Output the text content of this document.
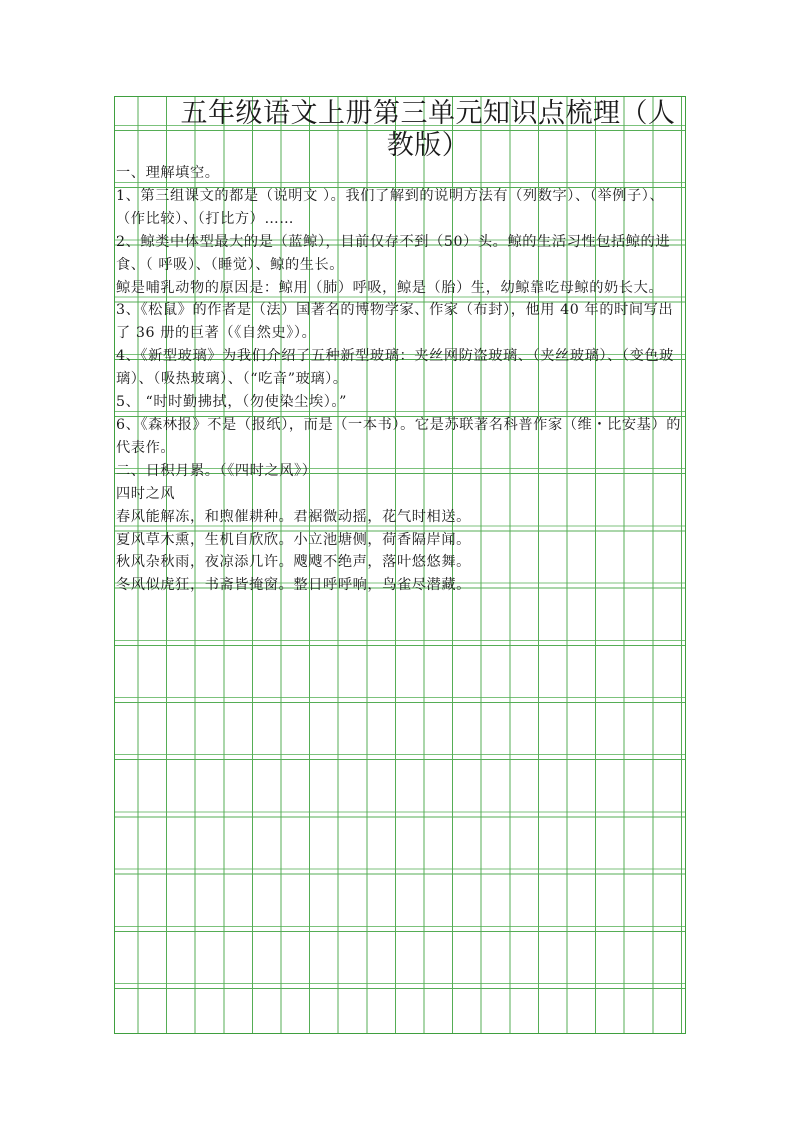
五年级语文上册第三单元知识点梳理（人教版）

一、理解填空。

1、第三组课文的都是（说明文 ）。我们了解到的说明方法有（列数字）、（举例子）、（作比较）、（打比方）……

2、鲸类中体型最大的是（蓝鲸），目前仅存不到（50）头。鲸的生活习性包括鲸的进食、（ 呼吸）、（睡觉）、鲸的生长。

鲸是哺乳动物的原因是：鲸用（肺）呼吸，鲸是（胎）生，幼鲸靠吃母鲸的奶长大。

3、《松鼠》的作者是（法）国著名的博物学家、作家（布封），他用 40 年的时间写出了 36 册的巨著（《自然史》）。

4、《新型玻璃》为我们介绍了五种新型玻璃：夹丝网防盗玻璃、（夹丝玻璃）、（变色玻璃）、（吸热玻璃）、（“吃音”玻璃）。

5、 “时时勤拂拭，（勿使染尘埃）。”

6、《森林报》不是（报纸），而是（一本书）。它是苏联著名科普作家（维・比安基）的代表作。

二、日积月累。（《四时之风》）

四时之风

春风能解冻，和煦催耕种。君裾微动摇，花气时相送。

夏风草木熏，生机自欣欣。小立池塘侧，荷香隔岸闻。

秋风杂秋雨，夜凉添几许。飕飕不绝声，落叶悠悠舞。

冬风似虎狂，书斋皆掩窗。整日呼呼响，鸟雀尽潜藏。
